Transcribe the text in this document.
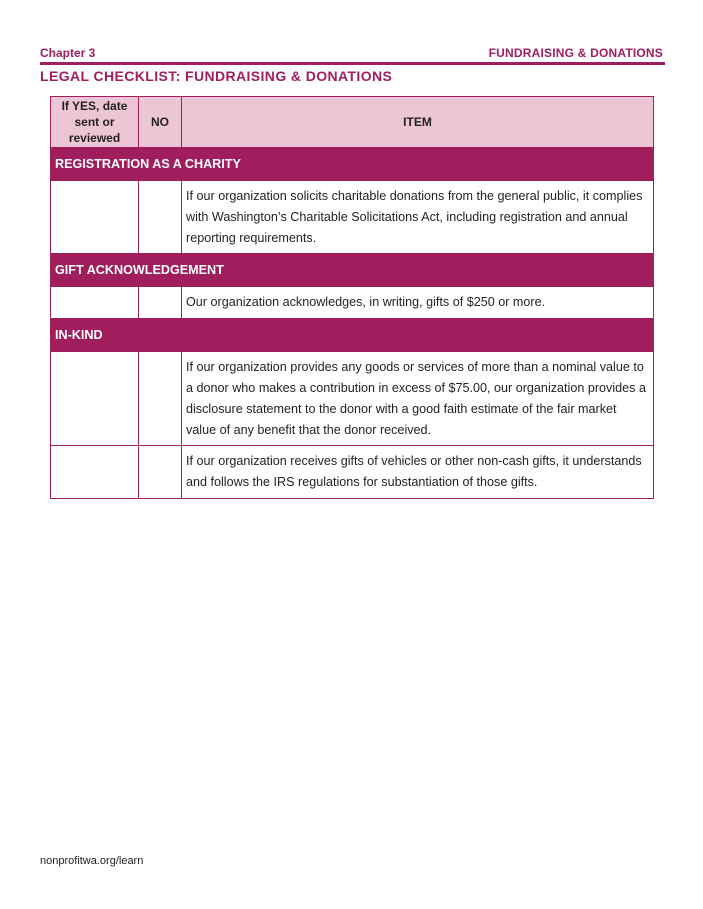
Chapter 3	FUNDRAISING & DONATIONS
LEGAL CHECKLIST: FUNDRAISING & DONATIONS
If YES, date sent or reviewed	NO	ITEM
REGISTRATION AS A CHARITY		
		If our organization solicits charitable donations from the general public, it complies with Washington’s Charitable Solicitations Act, including registration and annual reporting requirements.
GIFT ACKNOWLEDGEMENT		
		Our organization acknowledges, in writing, gifts of $250 or more.
IN-KIND		
		If our organization provides any goods or services of more than a nominal value to a donor who makes a contribution in excess of $75.00, our organization provides a disclosure statement to the donor with a good faith estimate of the fair market value of any benefit that the donor received.
		If our organization receives gifts of vehicles or other non-cash gifts, it understands and follows the IRS regulations for substantiation of those gifts.
nonprofitwa.org/learn
